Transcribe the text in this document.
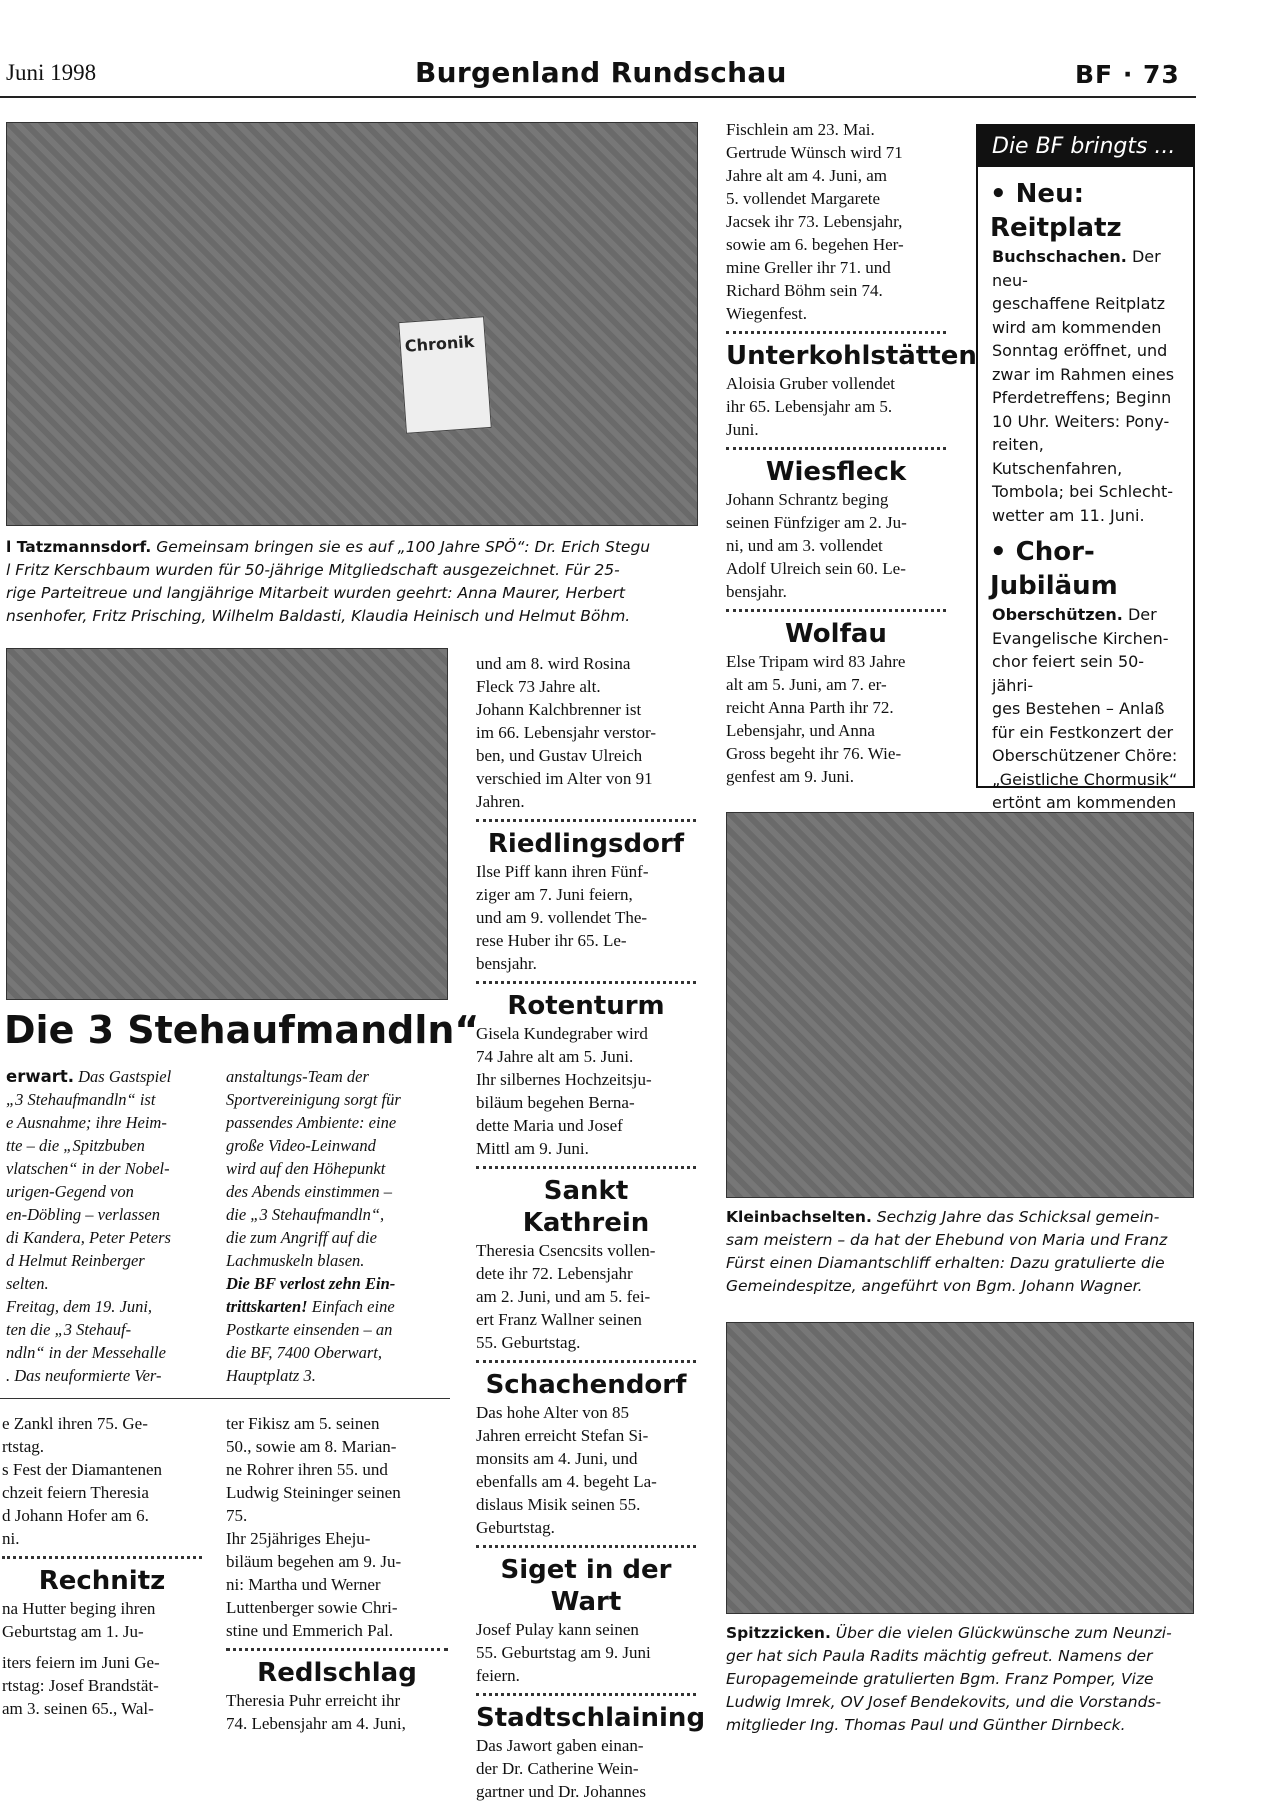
Juni 1998	Burgenland Rundschau	BF · 73
Chronik
l Tatzmannsdorf. Gemeinsam bringen sie es auf „100 Jahre SPÖ“: Dr. Erich Stegu
l Fritz Kerschbaum wurden für 50-jährige Mitgliedschaft ausgezeichnet. Für 25-
rige Parteitreue und langjährige Mitarbeit wurden geehrt: Anna Maurer, Herbert
nsenhofer, Fritz Prisching, Wilhelm Baldasti, Klaudia Heinisch und Helmut Böhm.
Die 3 Stehaufmandln“
erwart. Das Gastspiel
„3 Stehaufmandln“ ist
e Ausnahme; ihre Heim-
tte – die „Spitzbuben
vlatschen“ in der Nobel-
urigen-Gegend von
en-Döbling – verlassen
di Kandera, Peter Peters
d Helmut Reinberger
selten.
Freitag, dem 19. Juni,
ten die „3 Stehauf-
ndln“ in der Messehalle
. Das neuformierte Ver-
anstaltungs-Team der
Sportvereinigung sorgt für
passendes Ambiente: eine
große Video-Leinwand
wird auf den Höhepunkt
des Abends einstimmen –
die „3 Stehaufmandln“,
die zum Angriff auf die
Lachmuskeln blasen.
Die BF verlost zehn Ein-
trittskarten! Einfach eine
Postkarte einsenden – an
die BF, 7400 Oberwart,
Hauptplatz 3.

e Zankl ihren 75. Ge-

rtstag.

s Fest der Diamantenen

chzeit feiern Theresia

d Johann Hofer am 6.

ni.

Rechnitz

na Hutter beging ihren

Geburtstag am 1. Ju-

iters feiern im Juni Ge-

rtstag: Josef Brandstät-

am 3. seinen 65., Wal-

ter Fikisz am 5. seinen

50., sowie am 8. Marian-

ne Rohrer ihren 55. und

Ludwig Steininger seinen

75.

Ihr 25jähriges Eheju-

biläum begehen am 9. Ju-

ni: Martha und Werner

Luttenberger sowie Chri-

stine und Emmerich Pal.

Redlschlag

Theresia Puhr erreicht ihr

74. Lebensjahr am 4. Juni,

und am 8. wird Rosina

Fleck 73 Jahre alt.

Johann Kalchbrenner ist

im 66. Lebensjahr verstor-

ben, und Gustav Ulreich

verschied im Alter von 91

Jahren.

Riedlingsdorf

Ilse Piff kann ihren Fünf-

ziger am 7. Juni feiern,

und am 9. vollendet The-

rese Huber ihr 65. Le-

bensjahr.

Rotenturm

Gisela Kundegraber wird

74 Jahre alt am 5. Juni.

Ihr silbernes Hochzeitsju-

biläum begehen Berna-

dette Maria und Josef

Mittl am 9. Juni.

Sankt Kathrein

Theresia Csencsits vollen-

dete ihr 72. Lebensjahr

am 2. Juni, und am 5. fei-

ert Franz Wallner seinen

55. Geburtstag.

Schachendorf

Das hohe Alter von 85

Jahren erreicht Stefan Si-

monsits am 4. Juni, und

ebenfalls am 4. begeht La-

dislaus Misik seinen 55.

Geburtstag.

Siget in der Wart

Josef Pulay kann seinen

55. Geburtstag am 9. Juni

feiern.

Stadtschlaining

Das Jawort gaben einan-

der Dr. Catherine Wein-

gartner und Dr. Johannes

Fischlein am 23. Mai.

Gertrude Wünsch wird 71

Jahre alt am 4. Juni, am

5. vollendet Margarete

Jacsek ihr 73. Lebensjahr,

sowie am 6. begehen Her-

mine Greller ihr 71. und

Richard Böhm sein 74.

Wiegenfest.

Unterkohlstätten

Aloisia Gruber vollendet

ihr 65. Lebensjahr am 5.

Juni.

Wiesfleck

Johann Schrantz beging

seinen Fünfziger am 2. Ju-

ni, und am 3. vollendet

Adolf Ulreich sein 60. Le-

bensjahr.

Wolfau

Else Tripam wird 83 Jahre

alt am 5. Juni, am 7. er-

reicht Anna Parth ihr 72.

Lebensjahr, und Anna

Gross begeht ihr 76. Wie-

genfest am 9. Juni.

Die BF bringts ...
• Neu: Reitplatz
Buchschachen. Der neu-
geschaffene Reitplatz
wird am kommenden
Sonntag eröffnet, und
zwar im Rahmen eines
Pferdetreffens; Beginn
10 Uhr. Weiters: Pony-
reiten, Kutschenfahren,
Tombola; bei Schlecht-
wetter am 11. Juni.
• Chor-Jubiläum
Oberschützen. Der
Evangelische Kirchen-
chor feiert sein 50-jähri-
ges Bestehen – Anlaß
für ein Festkonzert der
Oberschützener Chöre:
„Geistliche Chormusik“
ertönt am kommenden

Kleinbachselten. Sechzig Jahre das Schicksal gemein-
sam meistern – da hat der Ehebund von Maria und Franz
Fürst einen Diamantschliff erhalten: Dazu gratulierte die
Gemeindespitze, angeführt von Bgm. Johann Wagner.
Spitzzicken. Über die vielen Glückwünsche zum Neunzi-
ger hat sich Paula Radits mächtig gefreut. Namens der
Europagemeinde gratulierten Bgm. Franz Pomper, Vize
Ludwig Imrek, OV Josef Bendekovits, und die Vorstands-
mitglieder Ing. Thomas Paul und Günther Dirnbeck.
